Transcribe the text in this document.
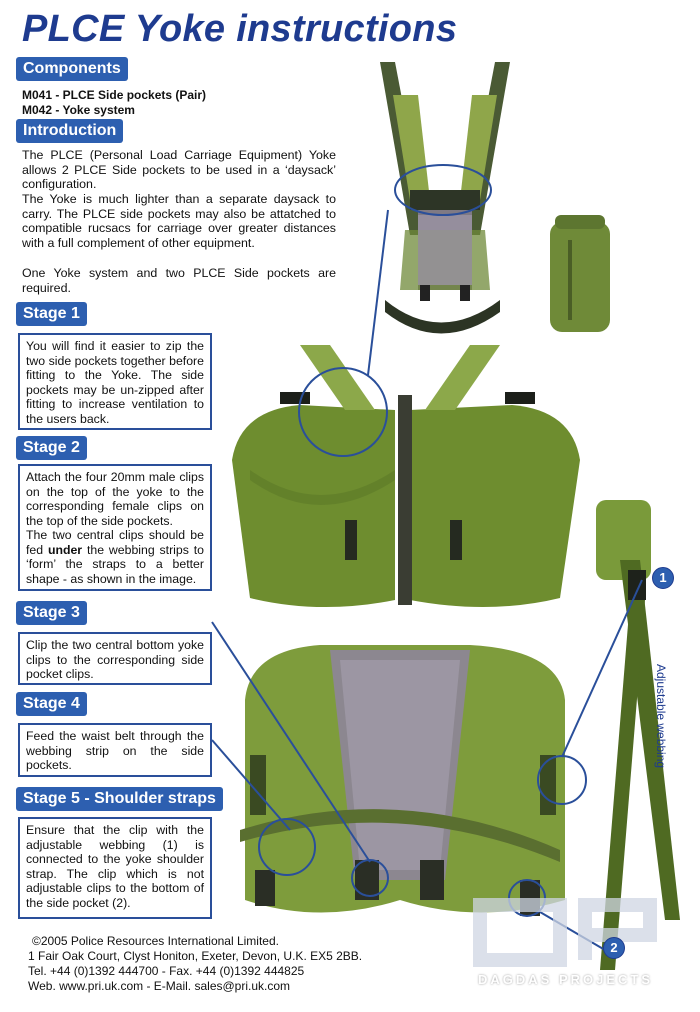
PLCE Yoke instructions
Components
M041 - PLCE Side pockets (Pair)
M042 - Yoke system
Introduction
The PLCE (Personal Load Carriage Equipment) Yoke allows 2 PLCE Side pockets to be used in a ‘daysack’ configuration.
The Yoke is much lighter than a separate daysack to carry. The PLCE side pockets may also be attatched to compatible rucsacs for carriage over greater distances with a full complement of other equipment.
One Yoke system and two PLCE Side pockets are required.
Stage 1
You will find it easier to zip the two side pockets together before fitting to the Yoke. The side pockets may be un-zipped after fitting to increase ventilation to the users back.
Stage 2
Attach the four 20mm male clips on the top of the yoke to the corresponding female clips on the top of the side pockets.
The two central clips should be fed under the webbing strips to ‘form’ the straps to a better shape - as shown in the image.
Stage 3
Clip the two central bottom yoke clips to the corresponding side pocket clips.
Stage 4
Feed the waist belt through the webbing strip on the side pockets.
Stage 5 - Shoulder straps
Ensure that the clip with the adjustable webbing (1) is connected to the yoke shoulder strap. The clip which is not adjustable clips to the bottom of the side pocket (2).
1
2
Adjustable webbing
©2005 Police Resources International Limited.
1 Fair Oak Court, Clyst Honiton, Exeter, Devon, U.K. EX5 2BB.
Tel. +44 (0)1392 444700 - Fax. +44 (0)1392 444825
Web. www.pri.uk.com - E-Mail. sales@pri.uk.com	DAGDAS PROJECTS
